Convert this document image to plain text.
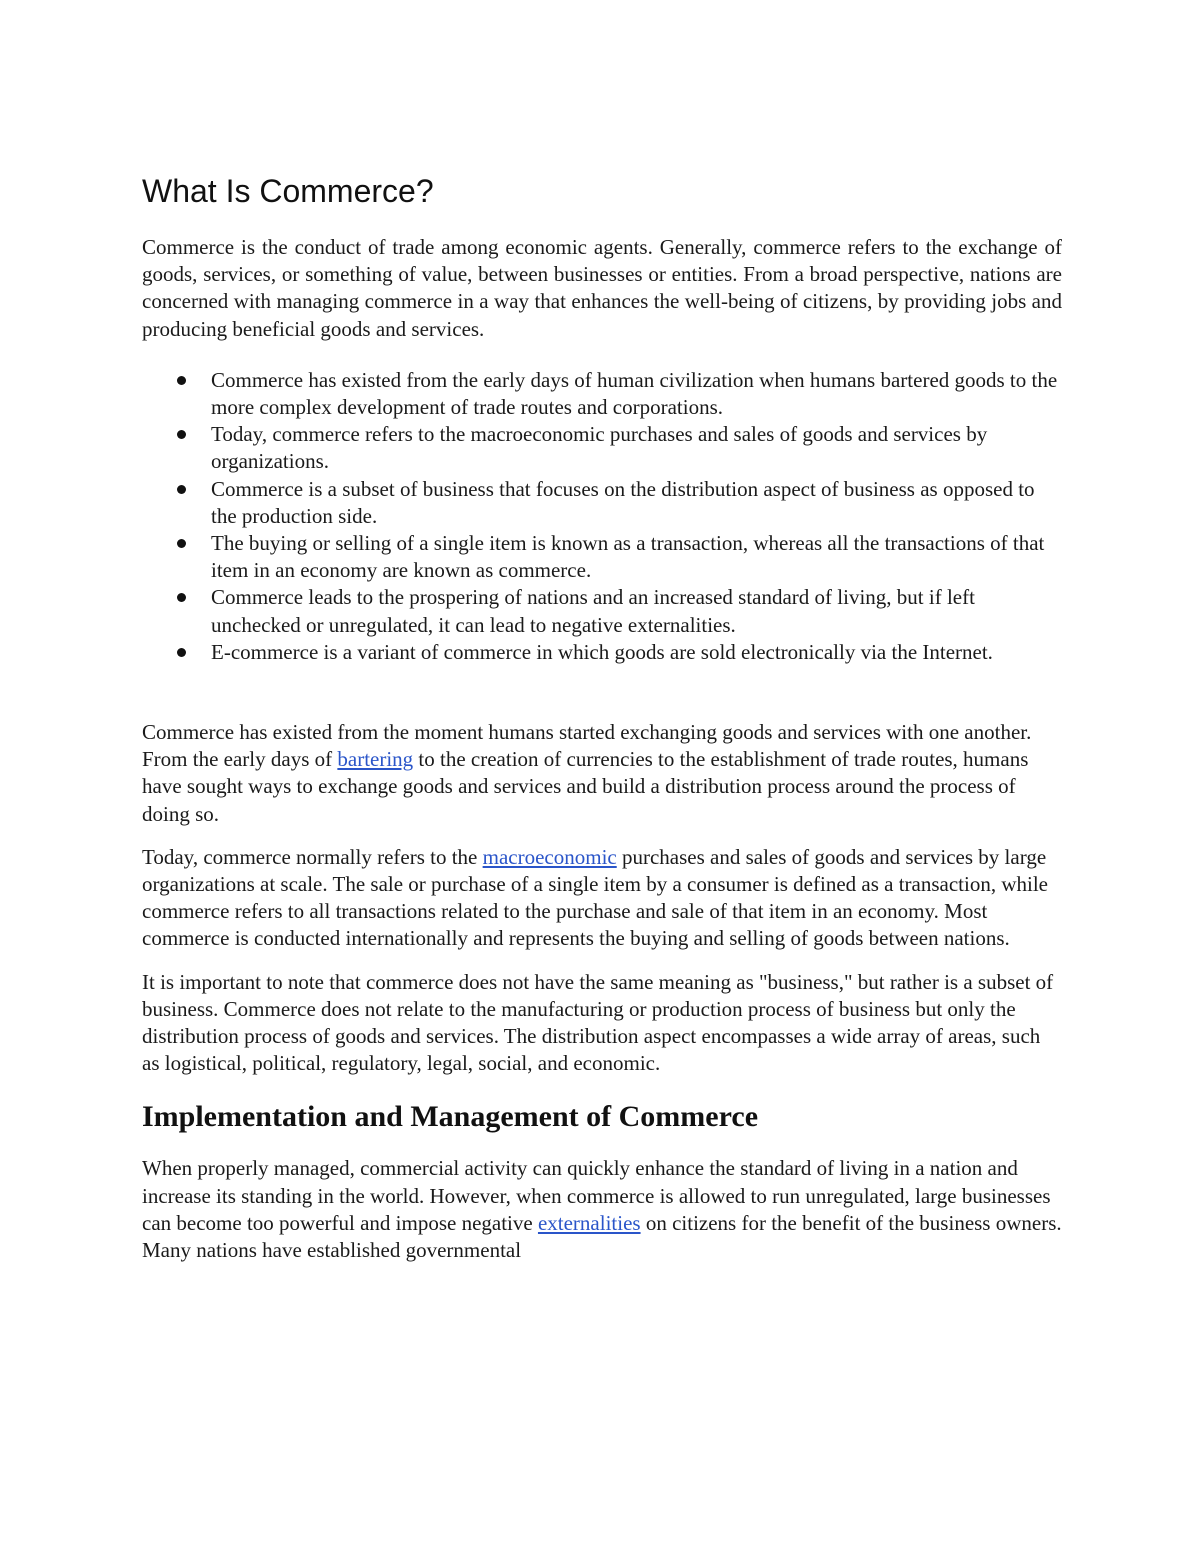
What Is Commerce?

Commerce is the conduct of trade among economic agents. Generally, commerce refers to the exchange of goods, services, or something of value, between businesses or entities. From a broad perspective, nations are concerned with managing commerce in a way that enhances the well-being of citizens, by providing jobs and producing beneficial goods and services.

Commerce has existed from the early days of human civilization when humans bartered goods to the more complex development of trade routes and corporations.
Today, commerce refers to the macroeconomic purchases and sales of goods and services by organizations.
Commerce is a subset of business that focuses on the distribution aspect of business as opposed to the production side.
The buying or selling of a single item is known as a transaction, whereas all the transactions of that item in an economy are known as commerce.
Commerce leads to the prospering of nations and an increased standard of living, but if left unchecked or unregulated, it can lead to negative externalities.
E-commerce is a variant of commerce in which goods are sold electronically via the Internet.

Commerce has existed from the moment humans started exchanging goods and services with one another. From the early days of bartering to the creation of currencies to the establishment of trade routes, humans have sought ways to exchange goods and services and build a distribution process around the process of doing so.

Today, commerce normally refers to the macroeconomic purchases and sales of goods and services by large organizations at scale. The sale or purchase of a single item by a consumer is defined as a transaction, while commerce refers to all transactions related to the purchase and sale of that item in an economy. Most commerce is conducted internationally and represents the buying and selling of goods between nations.

It is important to note that commerce does not have the same meaning as "business," but rather is a subset of business. Commerce does not relate to the manufacturing or production process of business but only the distribution process of goods and services. The distribution aspect encompasses a wide array of areas, such as logistical, political, regulatory, legal, social, and economic.

Implementation and Management of Commerce

When properly managed, commercial activity can quickly enhance the standard of living in a nation and increase its standing in the world. However, when commerce is allowed to run unregulated, large businesses can become too powerful and impose negative externalities on citizens for the benefit of the business owners. Many nations have established governmental
